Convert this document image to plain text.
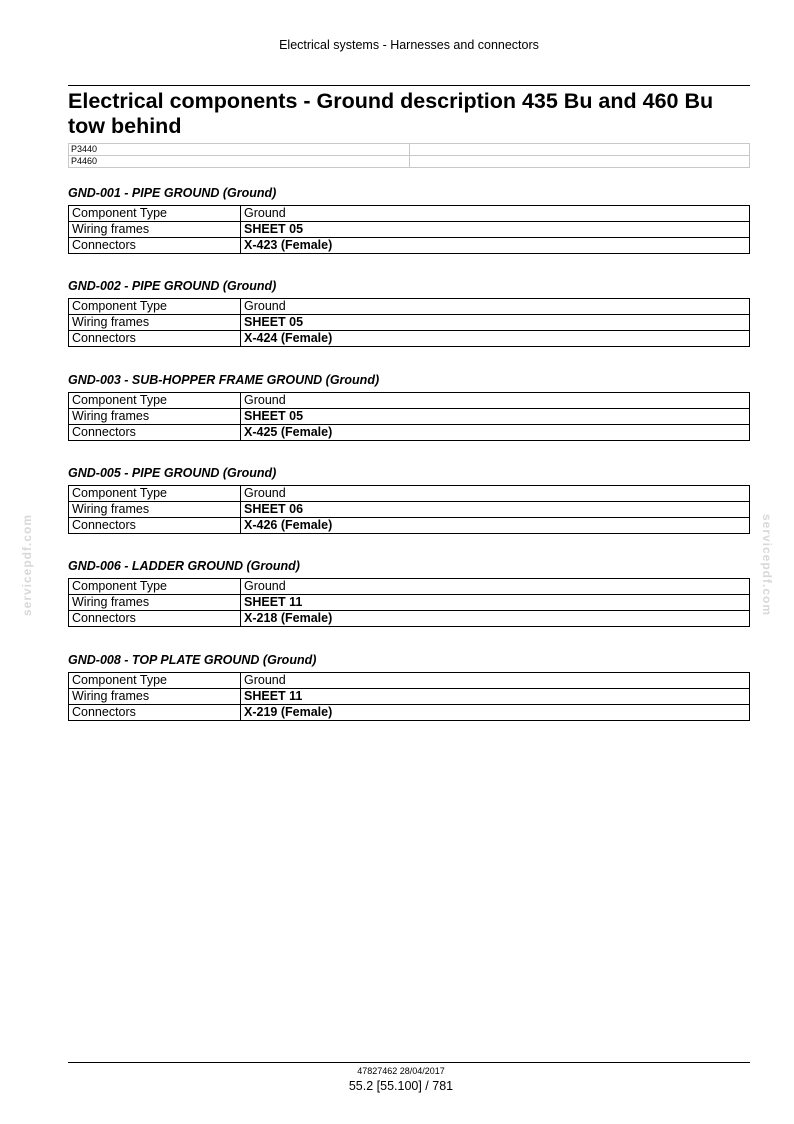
Electrical systems - Harnesses and connectors
Electrical components - Ground description 435 Bu and 460 Bu tow behind
P3440	
P4460	
GND-001 - PIPE GROUND (Ground)
Component Type	Ground
Wiring frames	SHEET 05
Connectors	X-423 (Female)
GND-002 - PIPE GROUND (Ground)
Component Type	Ground
Wiring frames	SHEET 05
Connectors	X-424 (Female)
GND-003 - SUB-HOPPER FRAME GROUND (Ground)
Component Type	Ground
Wiring frames	SHEET 05
Connectors	X-425 (Female)
GND-005 - PIPE GROUND (Ground)
Component Type	Ground
Wiring frames	SHEET 06
Connectors	X-426 (Female)
GND-006 - LADDER GROUND (Ground)
Component Type	Ground
Wiring frames	SHEET 11
Connectors	X-218 (Female)
GND-008 - TOP PLATE GROUND (Ground)
Component Type	Ground
Wiring frames	SHEET 11
Connectors	X-219 (Female)
servicepdf.com	servicepdf.com
47827462 28/04/2017
55.2 [55.100] / 781
